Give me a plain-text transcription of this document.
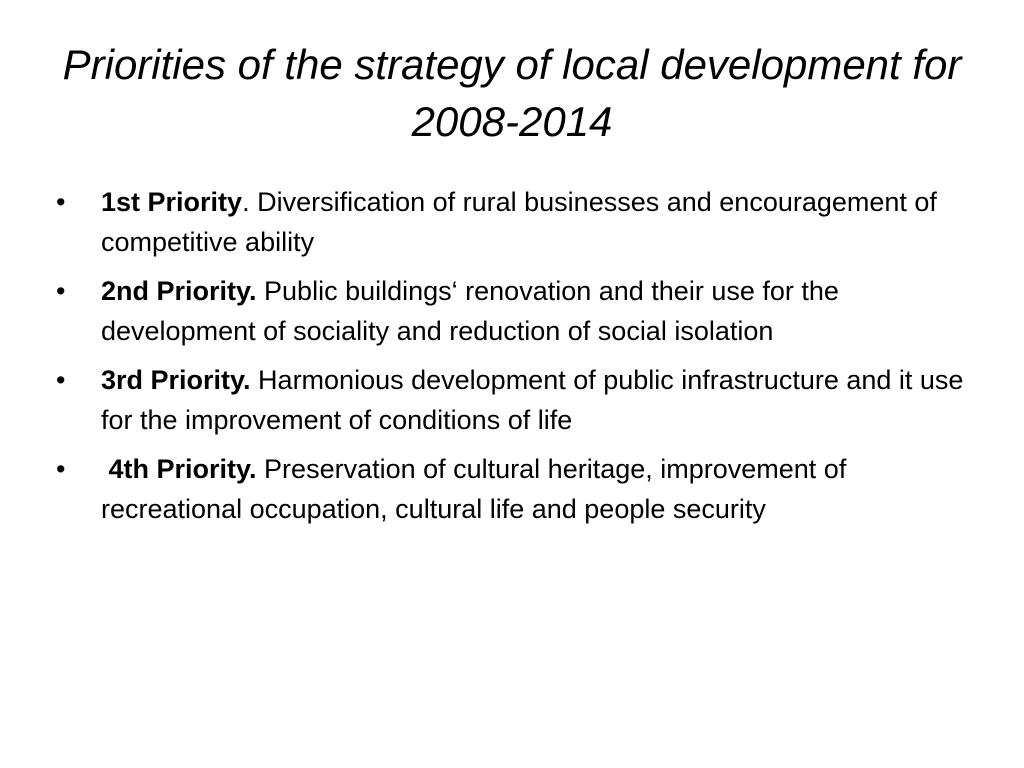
Priorities of the strategy of local development for 2008-2014
•	1st Priority. Diversification of rural businesses and encouragement of competitive ability
•	2nd Priority. Public buildings‘ renovation and their use for the development of sociality and reduction of social isolation
•	3rd Priority. Harmonious development of public infrastructure and it use for the improvement of conditions of life
•	4th Priority. Preservation of cultural heritage, improvement of recreational occupation, cultural life and people security
